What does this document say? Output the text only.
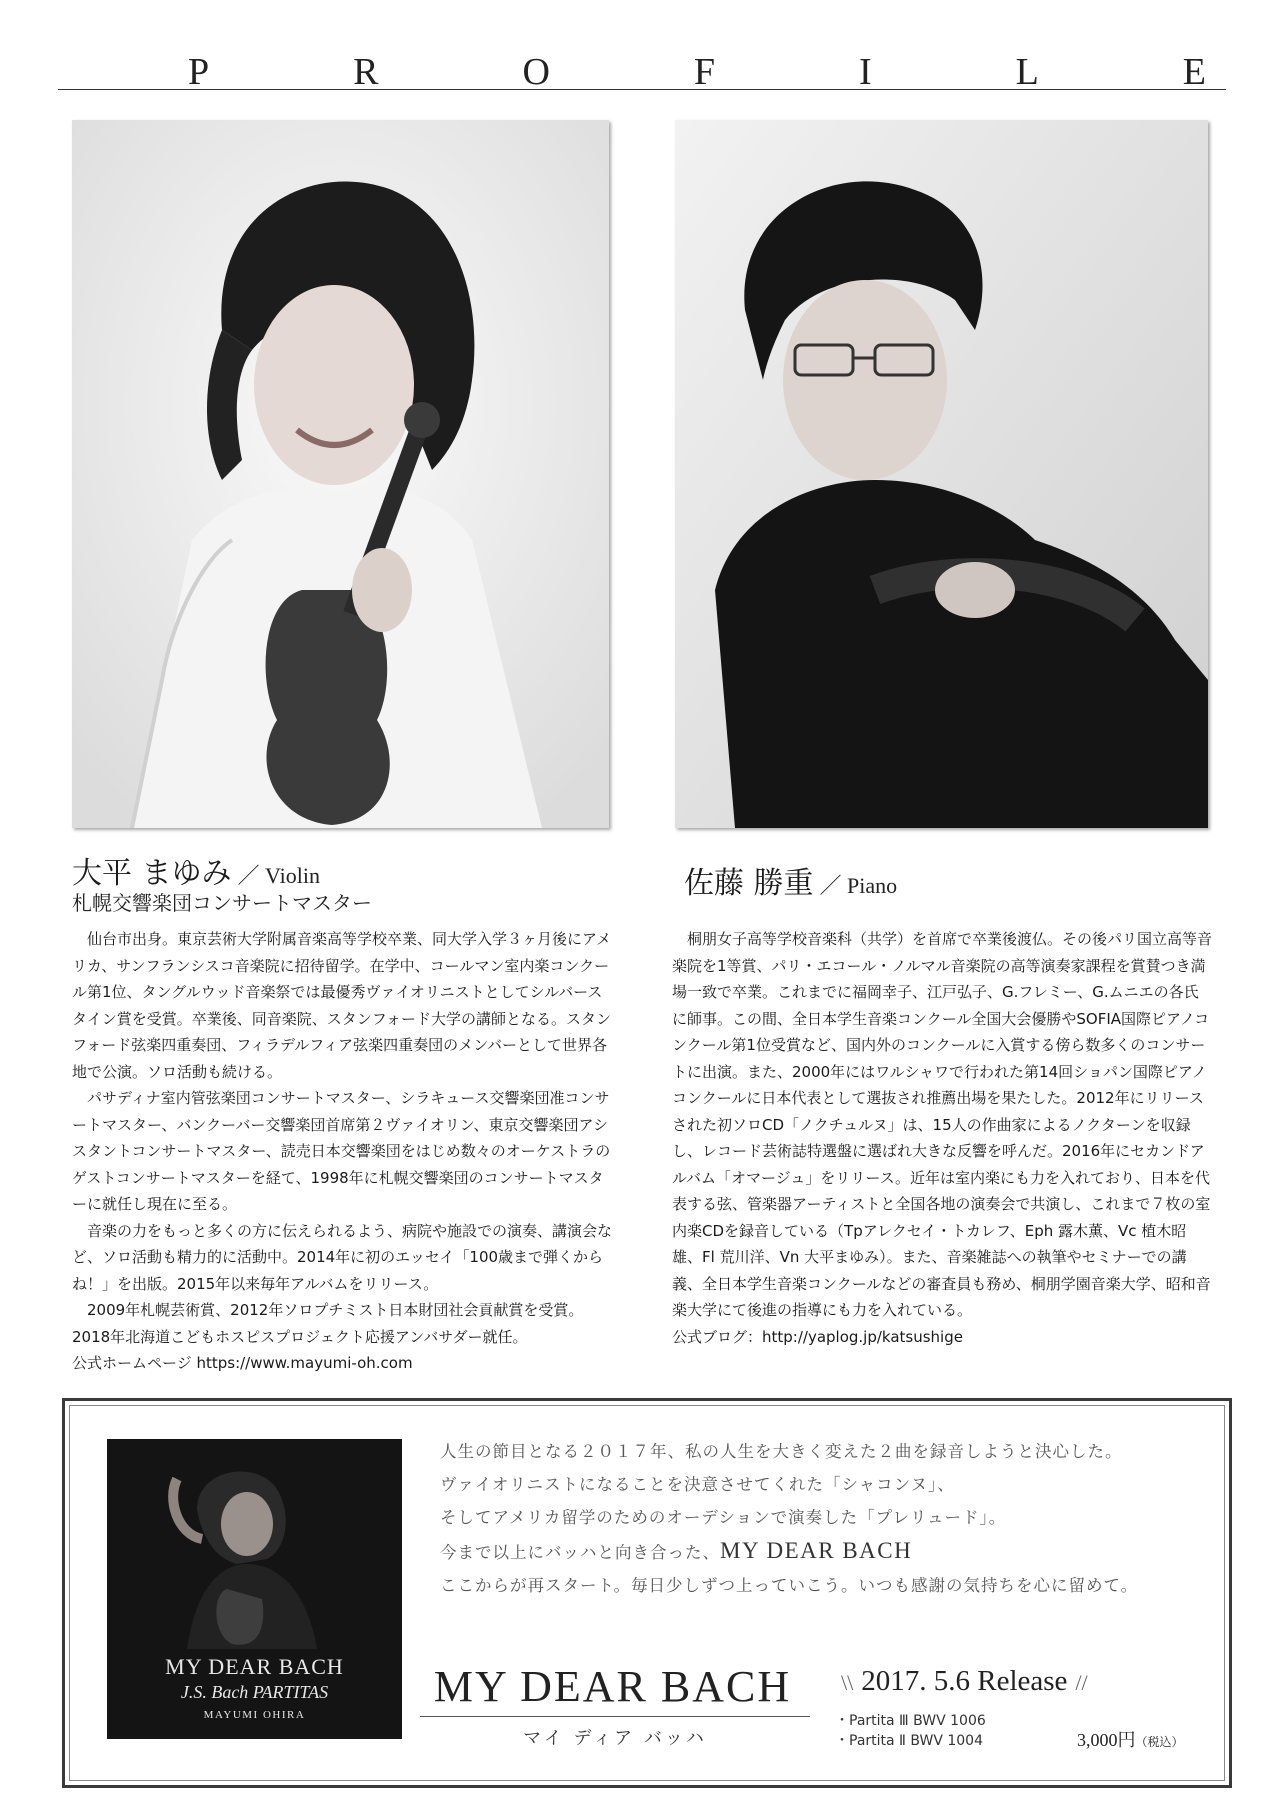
P	R	O	F	I	L	E
大平 まゆみ ／ Violin
札幌交響楽団コンサートマスター
佐藤 勝重 ／ Piano

仙台市出身。東京芸術大学附属音楽高等学校卒業、同大学入学３ヶ月後にアメリカ、サンフランシスコ音楽院に招待留学。在学中、コールマン室内楽コンクール第1位、タングルウッド音楽祭では最優秀ヴァイオリニストとしてシルバースタイン賞を受賞。卒業後、同音楽院、スタンフォード大学の講師となる。スタンフォード弦楽四重奏団、フィラデルフィア弦楽四重奏団のメンバーとして世界各地で公演。ソロ活動も続ける。

パサディナ室内管弦楽団コンサートマスター、シラキュース交響楽団准コンサートマスター、バンクーバー交響楽団首席第２ヴァイオリン、東京交響楽団アシスタントコンサートマスター、読売日本交響楽団をはじめ数々のオーケストラのゲストコンサートマスターを経て、1998年に札幌交響楽団のコンサートマスターに就任し現在に至る。

音楽の力をもっと多くの方に伝えられるよう、病院や施設での演奏、講演会など、ソロ活動も精力的に活動中。2014年に初のエッセイ「100歳まで弾くからね！」を出版。2015年以来毎年アルバムをリリース。

2009年札幌芸術賞、2012年ソロプチミスト日本財団社会貢献賞を受賞。2018年北海道こどもホスピスプロジェクト応援アンバサダー就任。

公式ホームページ https://www.mayumi-oh.com

桐朋女子高等学校音楽科（共学）を首席で卒業後渡仏。その後パリ国立高等音楽院を1等賞、パリ・エコール・ノルマル音楽院の高等演奏家課程を賞賛つき満場一致で卒業。これまでに福岡幸子、江戸弘子、G.フレミー、G.ムニエの各氏に師事。この間、全日本学生音楽コンクール全国大会優勝やSOFIA国際ピアノコンクール第1位受賞など、国内外のコンクールに入賞する傍ら数多くのコンサートに出演。また、2000年にはワルシャワで行われた第14回ショパン国際ピアノコンクールに日本代表として選抜され推薦出場を果たした。2012年にリリースされた初ソロCD「ノクチュルヌ」は、15人の作曲家によるノクターンを収録し、レコード芸術誌特選盤に選ばれ大きな反響を呼んだ。2016年にセカンドアルバム「オマージュ」をリリース。近年は室内楽にも力を入れており、日本を代表する弦、管楽器アーティストと全国各地の演奏会で共演し、これまで７枚の室内楽CDを録音している（Tpアレクセイ・トカレフ、Eph 露木薫、Vc 植木昭雄、Fl 荒川洋、Vn 大平まゆみ）。また、音楽雑誌への執筆やセミナーでの講義、全日本学生音楽コンクールなどの審査員も務め、桐朋学園音楽大学、昭和音楽大学にて後進の指導にも力を入れている。

公式ブログ：http://yaplog.jp/katsushige

MY DEAR BACH
J.S. Bach PARTITAS
MAYUMI OHIRA
人生の節目となる２０１７年、私の人生を大きく変えた２曲を録音しようと決心した。
ヴァイオリニストになることを決意させてくれた「シャコンヌ」、
そしてアメリカ留学のためのオーデションで演奏した「プレリュード」。
今まで以上にバッハと向き合った、MY DEAR BACH
ここからが再スタート。毎日少しずつ上っていこう。いつも感謝の気持ちを心に留めて。
MY DEAR BACH
マイ ディア バッハ
\\ 2017. 5.6 Release //
・Partita Ⅲ BWV 1006
・Partita Ⅱ BWV 1004	3,000円（税込）
